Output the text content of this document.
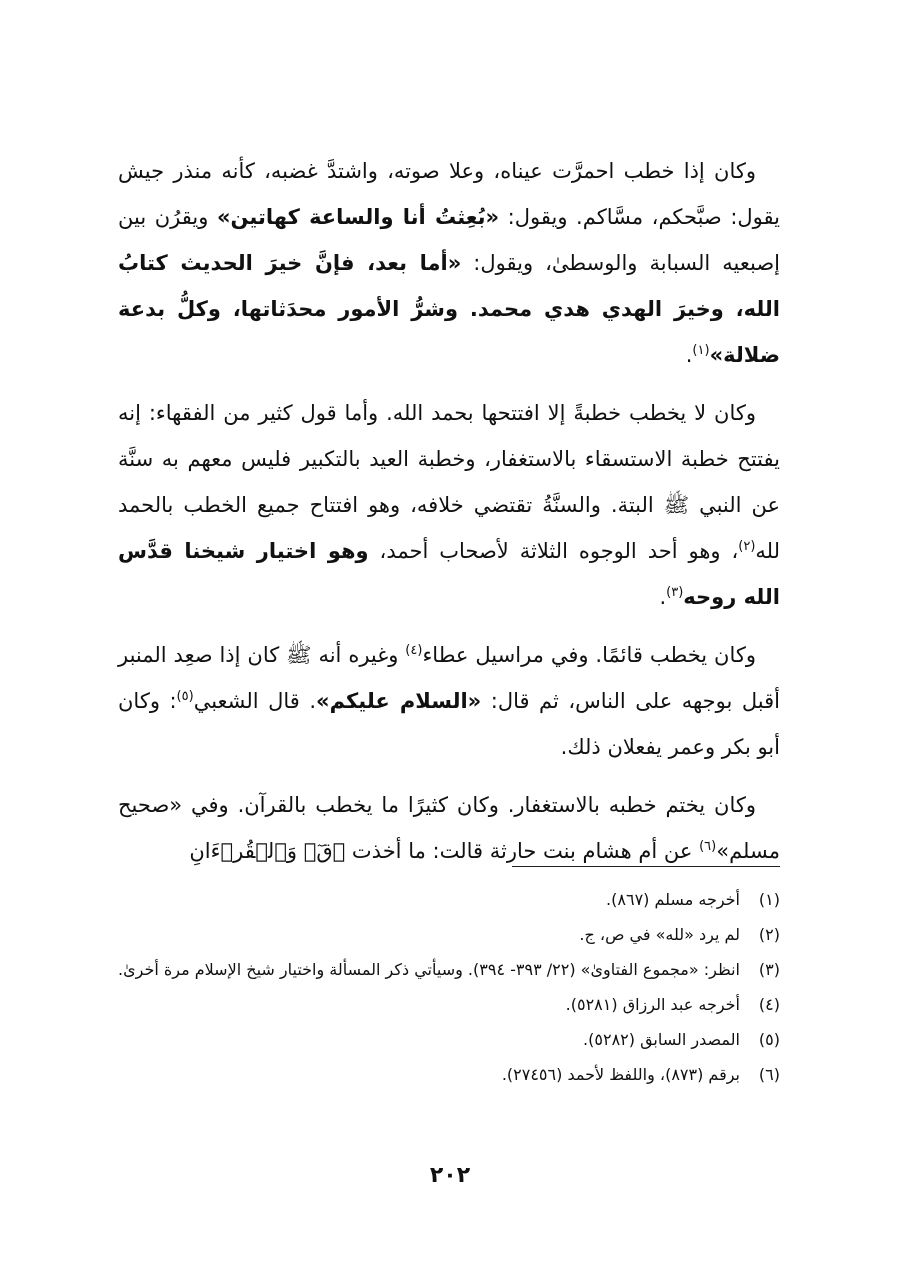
وكان إذا خطب احمرَّت عيناه، وعلا صوته، واشتدَّ غضبه، كأنه منذر جيش يقول: صبَّحكم، مسَّاكم. ويقول: «بُعِثتُ أنا والساعة كهاتين» ويقرُن بين إصبعيه السبابة والوسطىٰ، ويقول: «أما بعد، فإنَّ خيرَ الحديث كتابُ الله، وخيرَ الهدي هدي محمد. وشرُّ الأمور محدَثاتها، وكلُّ بدعة ضلالة»$^{(١)}$.

وكان لا يخطب خطبةً إلا افتتحها بحمد الله. وأما قول كثير من الفقهاء: إنه يفتتح خطبة الاستسقاء بالاستغفار، وخطبة العيد بالتكبير فليس معهم به سنَّة عن النبي ﷺ البتة. والسنَّةُ تقتضي خلافه، وهو افتتاح جميع الخطب بالحمد لله$^{(٢)}$، وهو أحد الوجوه الثلاثة لأصحاب أحمد، وهو اختيار شيخنا قدَّس الله روحه$^{(٣)}$.

وكان يخطب قائمًا. وفي مراسيل عطاء$^{(٤)}$ وغيره أنه ﷺ كان إذا صعِد المنبر أقبل بوجهه على الناس، ثم قال: «السلام عليكم». قال الشعبي$^{(٥)}$: وكان أبو بكر وعمر يفعلان ذلك.

وكان يختم خطبه بالاستغفار. وكان كثيرًا ما يخطب بالقرآن. وفي «صحيح مسلم»$^{(٦)}$ عن أم هشام بنت حارثة قالت: ما أخذت ﴿قٓۚ وَٱلۡقُرۡءَانِ

(١)
أخرجه مسلم (٨٦٧).
(٢)
لم يرد «لله» في ص، ج.
(٣)
انظر: «مجموع الفتاوىٰ» (٢٢/ ٣٩٣- ٣٩٤). وسيأتي ذكر المسألة واختيار شيخ الإسلام مرة أخرىٰ.
(٤)
أخرجه عبد الرزاق (٥٢٨١).
(٥)
المصدر السابق (٥٢٨٢).
(٦)
برقم (٨٧٣)، واللفظ لأحمد (٢٧٤٥٦).
٢٠٢
